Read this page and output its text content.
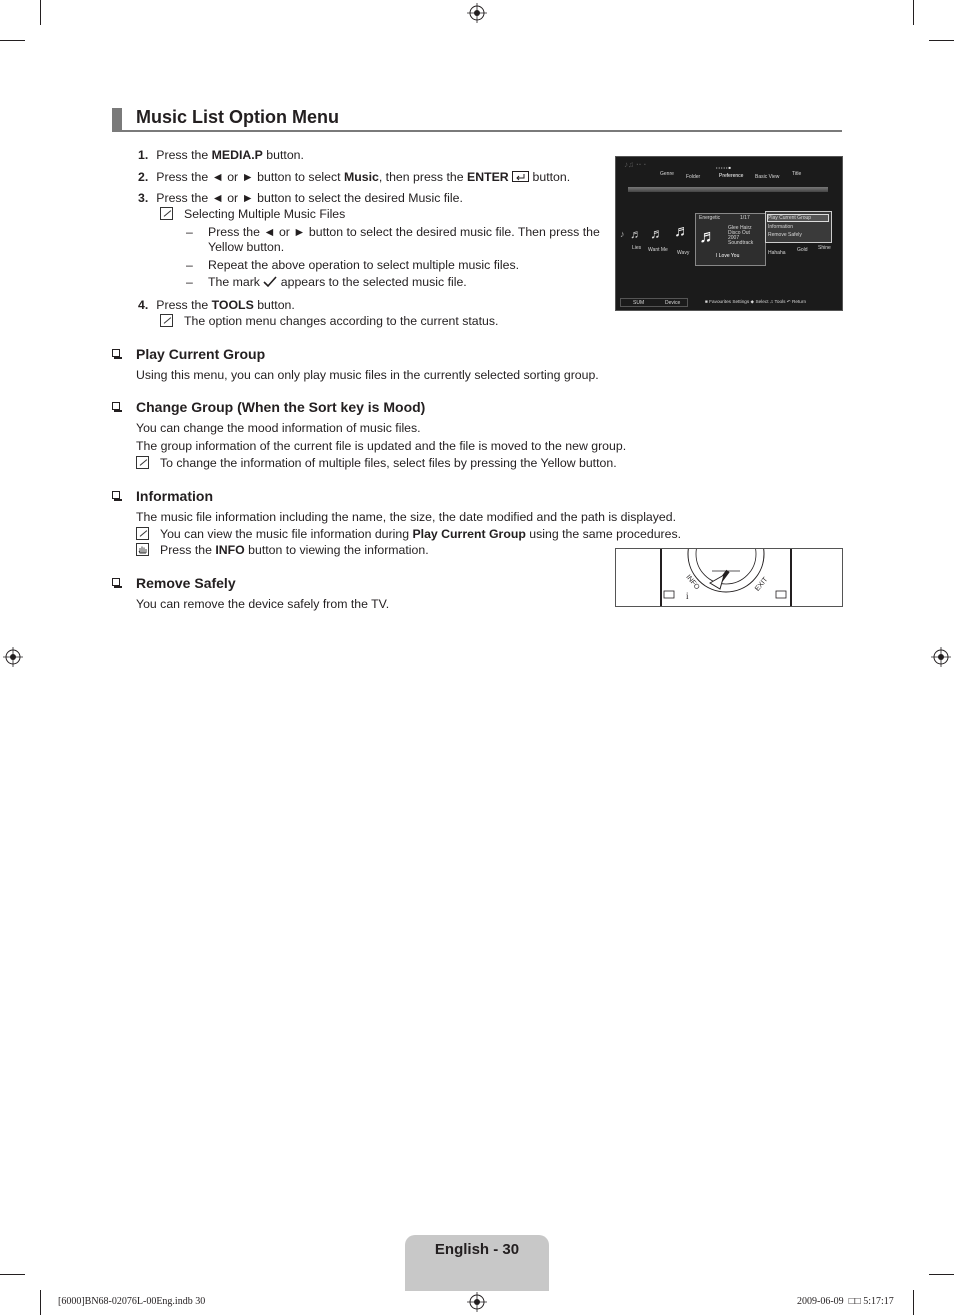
Music List Option Menu
1. Press the MEDIA.P button.
2. Press the ◄ or ► button to select Music, then press the ENTER  button.
3. Press the ◄ or ► button to select the desired Music file.
Selecting Multiple Music Files
– Press the ◄ or ► button to select the desired music file. Then press the Yellow button.
– Repeat the above operation to select multiple music files.
– The mark appears to the selected music file.
4. Press the TOOLS button.
The option menu changes according to the current status.
♪♫ ·· ·	• • • • • ■
Genre Folder	Preference Basic View	Title
♪ ♬ ♬ ♬
Lies Want Me Wavy
♬
Energetic	1/17
Glee Hairz
Disco Out
2007
Soundtrack
I Love You
Play Current Group
Information
Remove Safely
Hahaha Gold Shine
SUM	Device	■ Favourites Settings ◆ Select ♫ Tools ↶ Return
Play Current Group
Using this menu, you can only play music files in the currently selected sorting group.
Change Group (When the Sort key is Mood)
You can change the mood information of music files.
The group information of the current file is updated and the file is moved to the new group.
To change the information of multiple files, select files by pressing the Yellow button.
Information
The music file information including the name, the size, the date modified and the path is displayed.
You can view the music file information during Play Current Group using the same procedures.
Press the INFO button to viewing the information.
Remove Safely
You can remove the device safely from the TV.
i
INFO	EXIT
English - 30
[6000]BN68-02076L-00Eng.indb 30	2009-06-09  □□ 5:17:17
